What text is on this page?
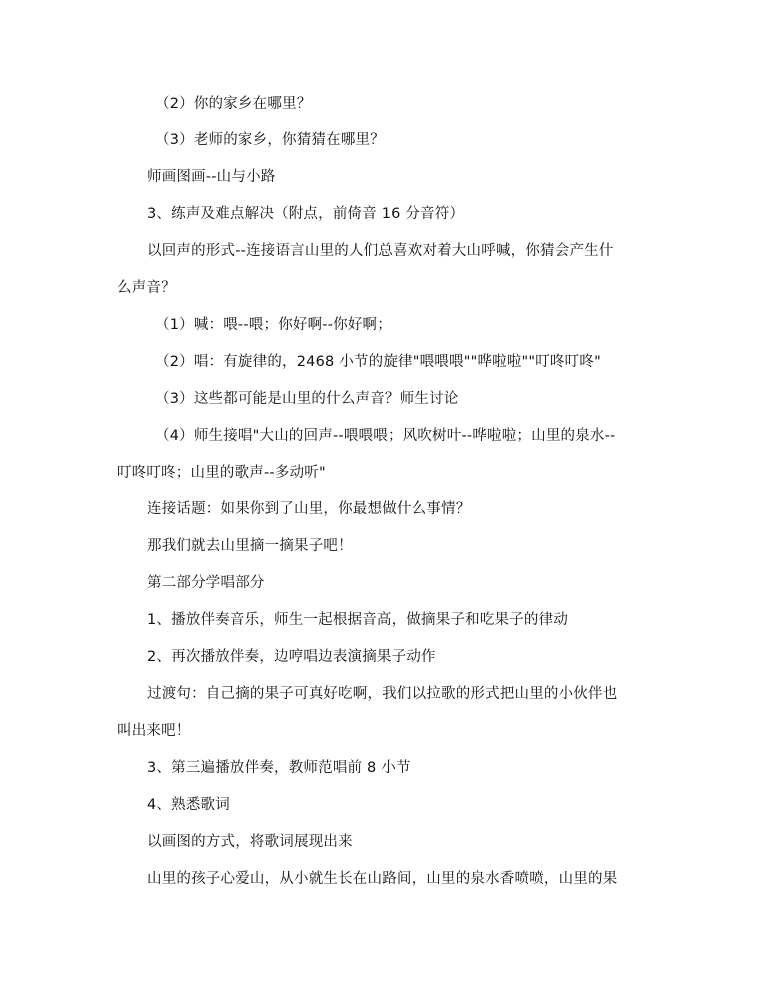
（2）你的家乡在哪里？
（3）老师的家乡，你猜猜在哪里？
师画图画--山与小路
3、练声及难点解决（附点，前倚音 16 分音符）
以回声的形式--连接语言山里的人们总喜欢对着大山呼喊，你猜会产生什
么声音？
（1）喊：喂--喂；你好啊--你好啊；
（2）唱：有旋律的，2468 小节的旋律"喂喂喂""哗啦啦""叮咚叮咚"
（3）这些都可能是山里的什么声音？师生讨论
（4）师生接唱"大山的回声--喂喂喂；风吹树叶--哗啦啦；山里的泉水--
叮咚叮咚；山里的歌声--多动听"
连接话题：如果你到了山里，你最想做什么事情？
那我们就去山里摘一摘果子吧！
第二部分学唱部分
1、播放伴奏音乐，师生一起根据音高，做摘果子和吃果子的律动
2、再次播放伴奏，边哼唱边表演摘果子动作
过渡句：自己摘的果子可真好吃啊，我们以拉歌的形式把山里的小伙伴也
叫出来吧！
3、第三遍播放伴奏，教师范唱前 8 小节
4、熟悉歌词
以画图的方式，将歌词展现出来
山里的孩子心爱山，从小就生长在山路间，山里的泉水香喷喷，山里的果
